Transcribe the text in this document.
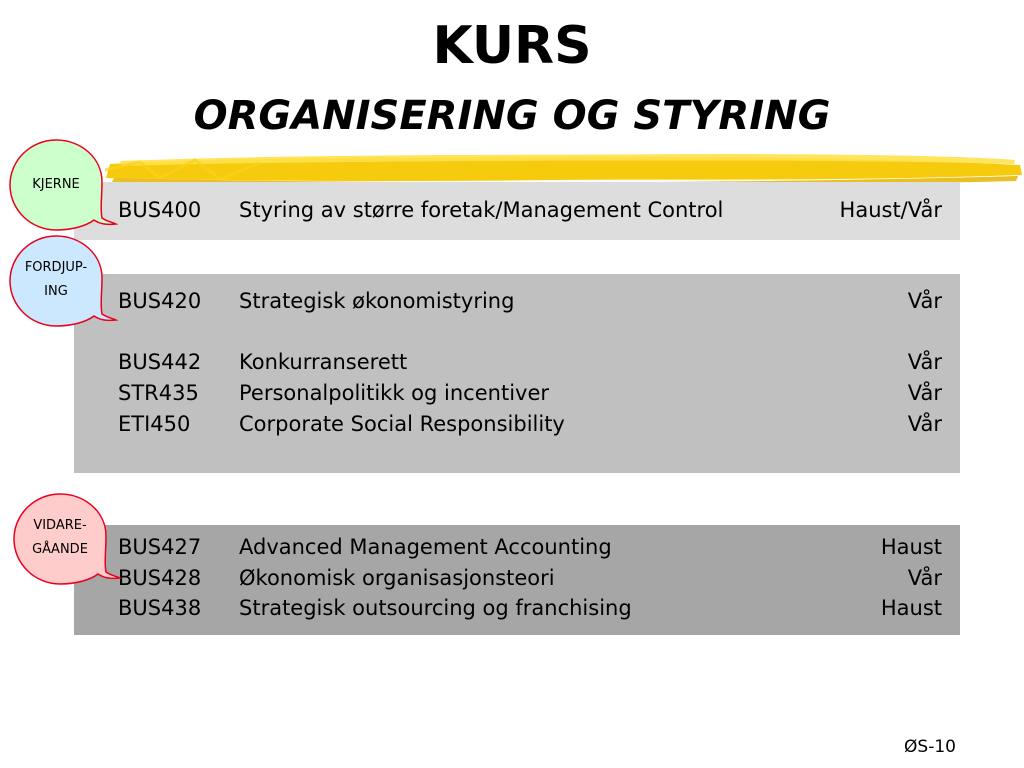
KURS
ORGANISERING OG STYRING
BUS400 Styring av større foretak/Management Control	Haust/Vår
BUS420 Strategisk økonomistyring	Vår
BUS442 Konkurranserett	Vår
STR435 Personalpolitikk og incentiver	Vår
ETI450 Corporate Social Responsibility	Vår
BUS427 Advanced Management Accounting	Haust
BUS428 Økonomisk organisasjonsteori	Vår
BUS438 Strategisk outsourcing og franchising	Haust
KJERNE
FORDJUP-
ING
VIDARE-
GÅANDE
ØS-10
